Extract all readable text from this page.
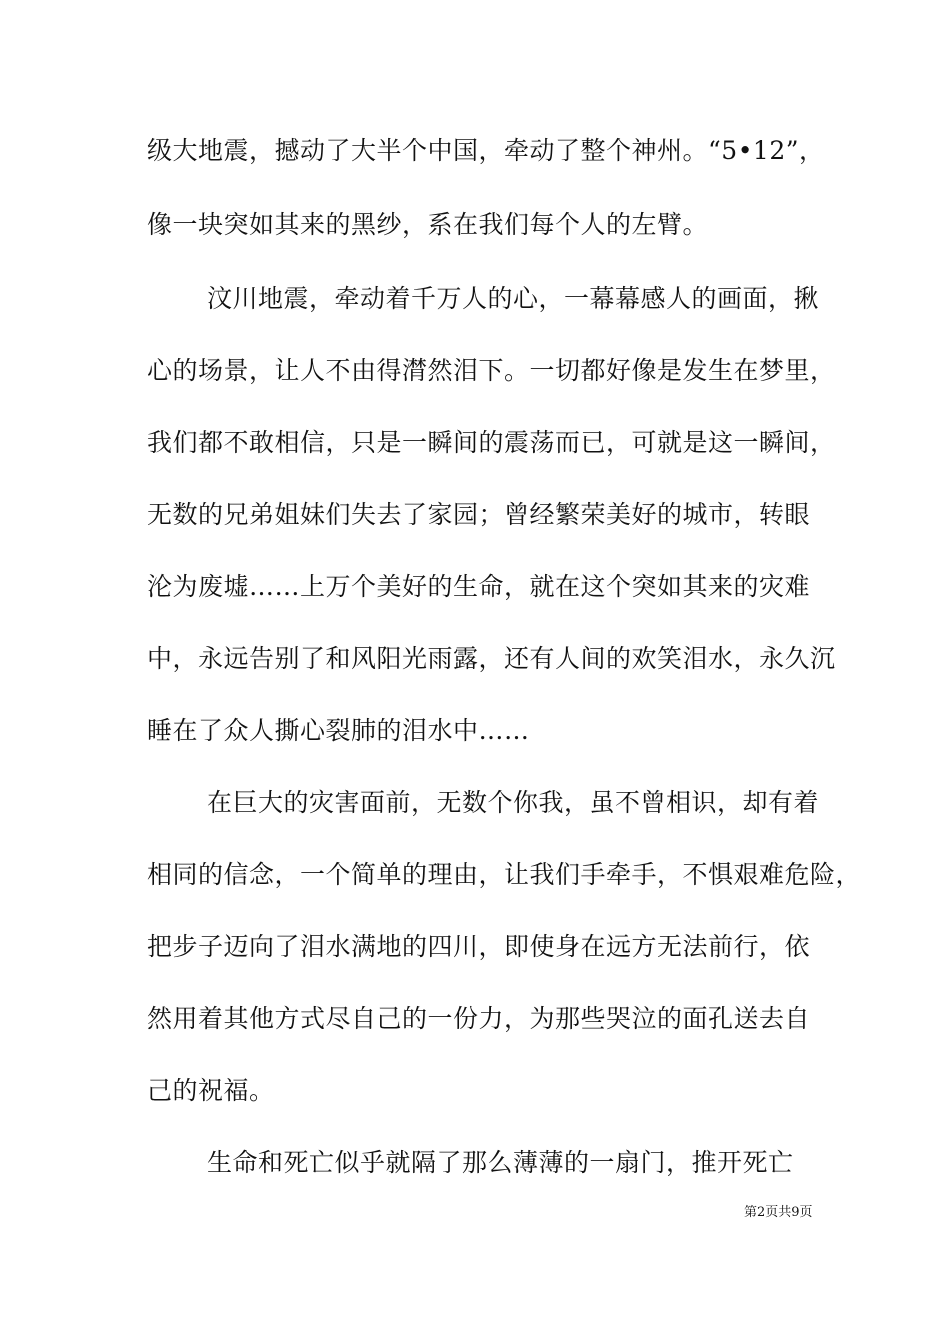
级大地震，撼动了大半个中国，牵动了整个神州。“5•12”，
像一块突如其来的黑纱，系在我们每个人的左臂。
汶川地震，牵动着千万人的心，一幕幕感人的画面，揪
心的场景，让人不由得潸然泪下。一切都好像是发生在梦里，
我们都不敢相信，只是一瞬间的震荡而已，可就是这一瞬间，
无数的兄弟姐妹们失去了家园；曾经繁荣美好的城市，转眼
沦为废墟……上万个美好的生命，就在这个突如其来的灾难
中，永远告别了和风阳光雨露，还有人间的欢笑泪水，永久沉
睡在了众人撕心裂肺的泪水中……
在巨大的灾害面前，无数个你我，虽不曾相识，却有着
相同的信念，一个简单的理由，让我们手牵手，不惧艰难危险，
把步子迈向了泪水满地的四川，即使身在远方无法前行，依
然用着其他方式尽自己的一份力，为那些哭泣的面孔送去自
己的祝福。
生命和死亡似乎就隔了那么薄薄的一扇门，推开死亡
第2页共9页
